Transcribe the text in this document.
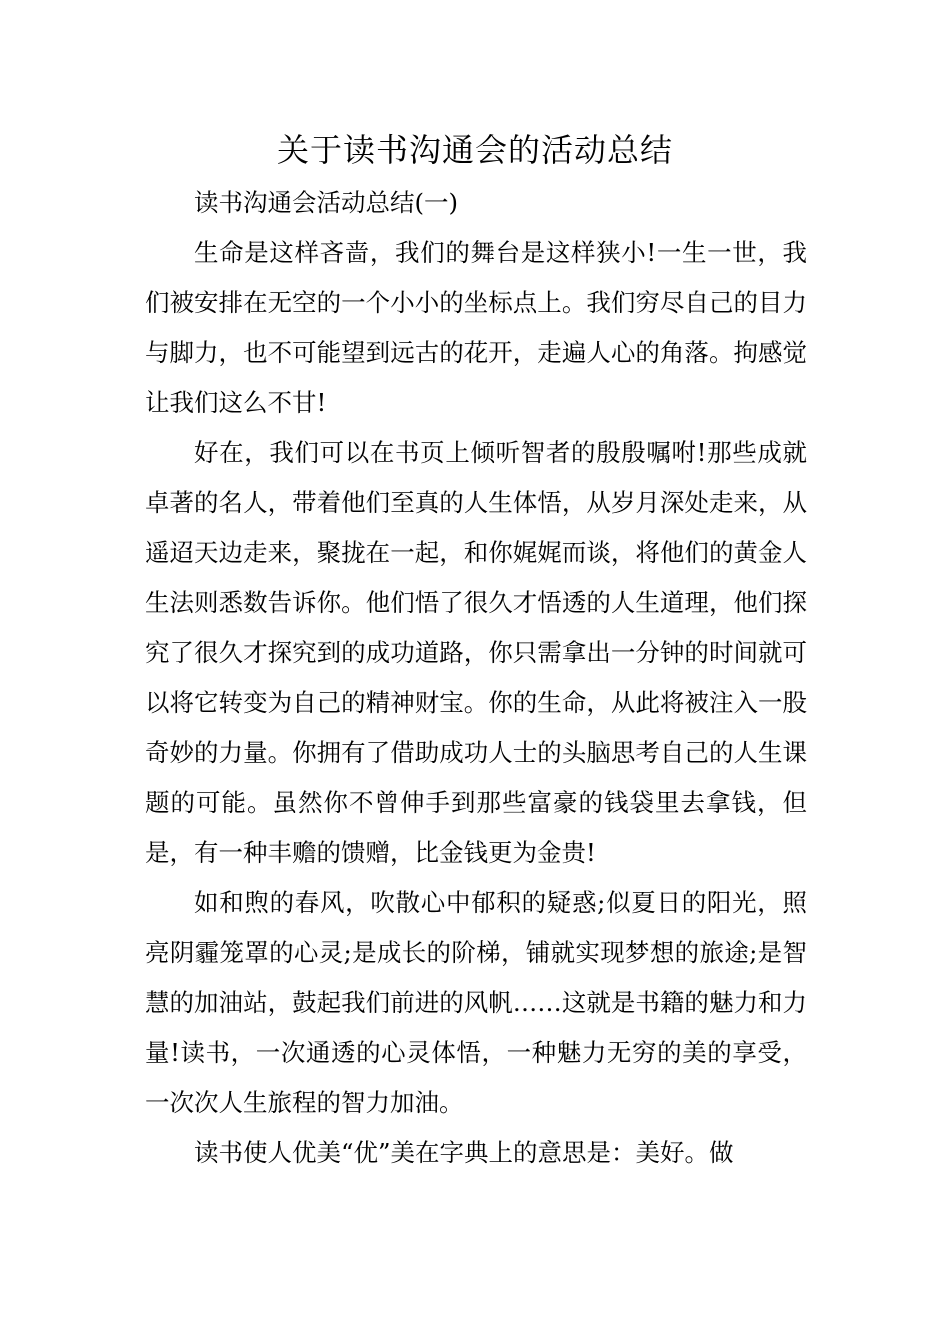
关于读书沟通会的活动总结

读书沟通会活动总结(一)

生命是这样吝啬，我们的舞台是这样狭小!一生一世，我们被安排在无空的一个小小的坐标点上。我们穷尽自己的目力与脚力，也不可能望到远古的花开，走遍人心的角落。拘感觉让我们这么不甘!

好在，我们可以在书页上倾听智者的殷殷嘱咐!那些成就卓著的名人，带着他们至真的人生体悟，从岁月深处走来，从遥迢天边走来，聚拢在一起，和你娓娓而谈，将他们的黄金人生法则悉数告诉你。他们悟了很久才悟透的人生道理，他们探究了很久才探究到的成功道路，你只需拿出一分钟的时间就可以将它转变为自己的精神财宝。你的生命，从此将被注入一股奇妙的力量。你拥有了借助成功人士的头脑思考自己的人生课题的可能。虽然你不曾伸手到那些富豪的钱袋里去拿钱，但是，有一种丰赡的馈赠，比金钱更为金贵!

如和煦的春风，吹散心中郁积的疑惑;似夏日的阳光，照亮阴霾笼罩的心灵;是成长的阶梯，铺就实现梦想的旅途;是智慧的加油站，鼓起我们前进的风帆……这就是书籍的魅力和力量!读书，一次通透的心灵体悟，一种魅力无穷的美的享受，一次次人生旅程的智力加油。

读书使人优美“优”美在字典上的意思是：美好。做
